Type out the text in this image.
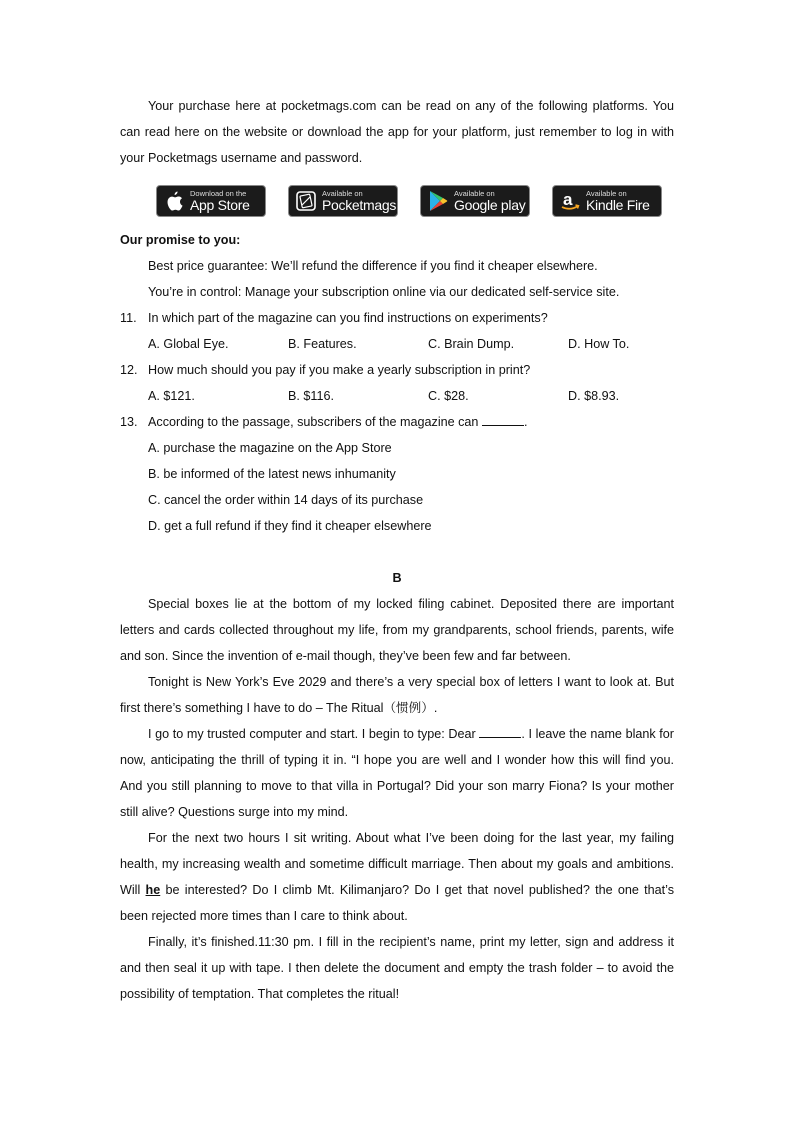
Your purchase here at pocketmags.com can be read on any of the following platforms. You can read here on the website or download the app for your platform, just remember to log in with your Pocketmags username and password.

Download on the
App Store
Available on
Pocketmags
Available on
Google play a Available on
Kindle Fire

Our promise to you:

Best price guarantee: We’ll refund the difference if you find it cheaper elsewhere.

You’re in control: Manage your subscription online via our dedicated self-service site.

11. In which part of the magazine can you find instructions on experiments?
A. Global Eye.	B. Features.	C. Brain Dump.	D. How To.
12. How much should you pay if you make a yearly subscription in print?
A. $121.	B. $116.	C. $28.	D. $8.93.
13. According to the passage, subscribers of the magazine can	.

A. purchase the magazine on the App Store

B. be informed of the latest news inhumanity

C. cancel the order within 14 days of its purchase

D. get a full refund if they find it cheaper elsewhere

B

Special boxes lie at the bottom of my locked filing cabinet. Deposited there are important letters and cards collected throughout my life, from my grandparents, school friends, parents, wife and son. Since the invention of e-mail though, they’ve been few and far between.

Tonight is New York’s Eve 2029 and there’s a very special box of letters I want to look at. But first there’s something I have to do – The Ritual（惯例）.

I go to my trusted computer and start. I begin to type: Dear	. I leave the name blank for now, anticipating the thrill of typing it in. “I hope you are well and I wonder how this will find you. And you still planning to move to that villa in Portugal? Did your son marry Fiona? Is your mother still alive? Questions surge into my mind.

For the next two hours I sit writing. About what I’ve been doing for the last year, my failing health, my increasing wealth and sometime difficult marriage. Then about my goals and ambitions. Will he be interested? Do I climb Mt. Kilimanjaro? Do I get that novel published? the one that’s been rejected more times than I care to think about.

Finally, it’s finished.11:30 pm. I fill in the recipient’s name, print my letter, sign and address it and then seal it up with tape. I then delete the document and empty the trash folder – to avoid the possibility of temptation. That completes the ritual!
